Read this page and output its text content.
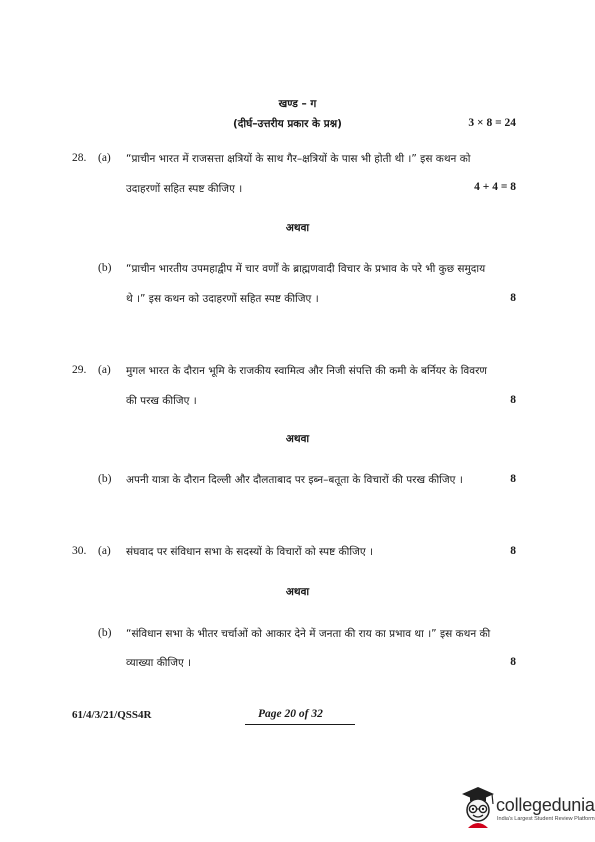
खण्ड – ग
(दीर्घ–उत्तरीय प्रकार के प्रश्न)	3 × 8 = 24
28. (a) “प्राचीन भारत में राजसत्ता क्षत्रियों के साथ गैर–क्षत्रियों के पास भी होती थी ।” इस कथन को
उदाहरणों सहित स्पष्ट कीजिए ।	4 + 4 = 8
अथवा
(b) “प्राचीन भारतीय उपमहाद्वीप में चार वर्णों के ब्राह्मणवादी विचार के प्रभाव के परे भी कुछ समुदाय
थे ।” इस कथन को उदाहरणों सहित स्पष्ट कीजिए ।	8
29. (a) मुगल भारत के दौरान भूमि के राजकीय स्वामित्व और निजी संपत्ति की कमी के बर्नियर के विवरण
की परख कीजिए ।	8
अथवा
(b) अपनी यात्रा के दौरान दिल्ली और दौलताबाद पर इब्न–बतूता के विचारों की परख कीजिए ।	8
30. (a) संघवाद पर संविधान सभा के सदस्यों के विचारों को स्पष्ट कीजिए ।	8
अथवा
(b) “संविधान सभा के भीतर चर्चाओं को आकार देने में जनता की राय का प्रभाव था ।” इस कथन की
व्याख्या कीजिए ।	8
61/4/3/21/QSS4R	Page 20 of 32
collegedunia
India's Largest Student Review Platform
